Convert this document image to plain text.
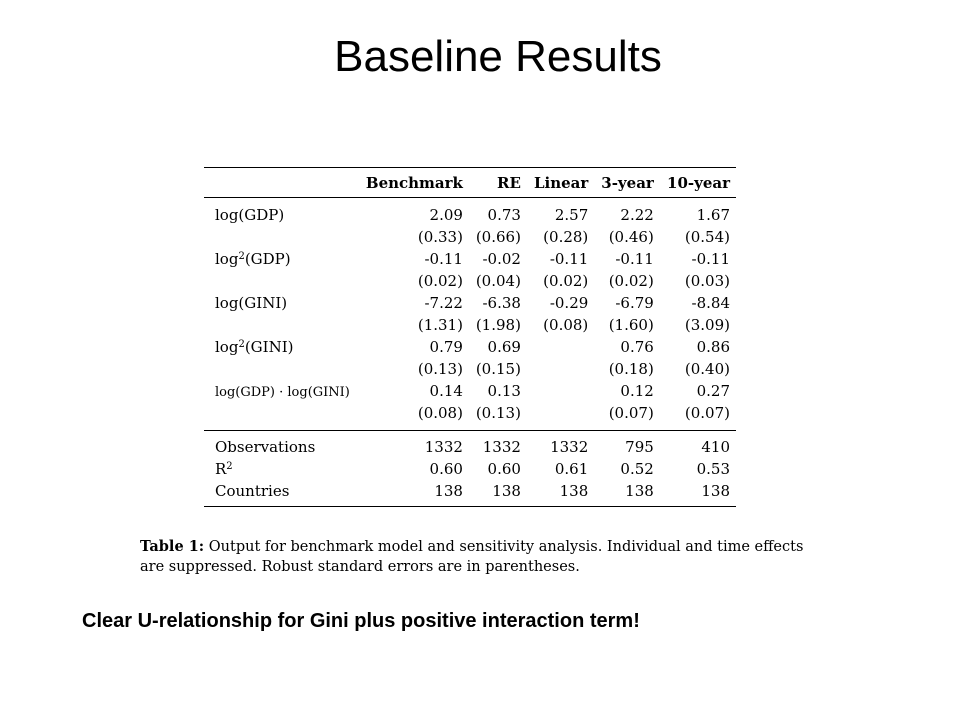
Baseline Results
	Benchmark	RE	Linear	3-year	10-year
log(GDP)	2.09	0.73	2.57	2.22	1.67
	(0.33)	(0.66)	(0.28)	(0.46)	(0.54)
$\log^2(GDP)$	-0.11	-0.02	-0.11	-0.11	-0.11
	(0.02)	(0.04)	(0.02)	(0.02)	(0.03)
log(GINI)	-7.22	-6.38	-0.29	-6.79	-8.84
	(1.31)	(1.98)	(0.08)	(1.60)	(3.09)
$\log^2(GINI)$	0.79	0.69		0.76	0.86
	(0.13)	(0.15)		(0.18)	(0.40)
log(GDP) · log(GINI)	0.14	0.13		0.12	0.27
	(0.08)	(0.13)		(0.07)	(0.07)
Observations	1332	1332	1332	795	410
$R^2$	0.60	0.60	0.61	0.52	0.53
Countries	138	138	138	138	138
Table 1: Output for benchmark model and sensitivity analysis. Individual and time effects are suppressed. Robust standard errors are in parentheses.
Clear U-relationship for Gini plus positive interaction term!
